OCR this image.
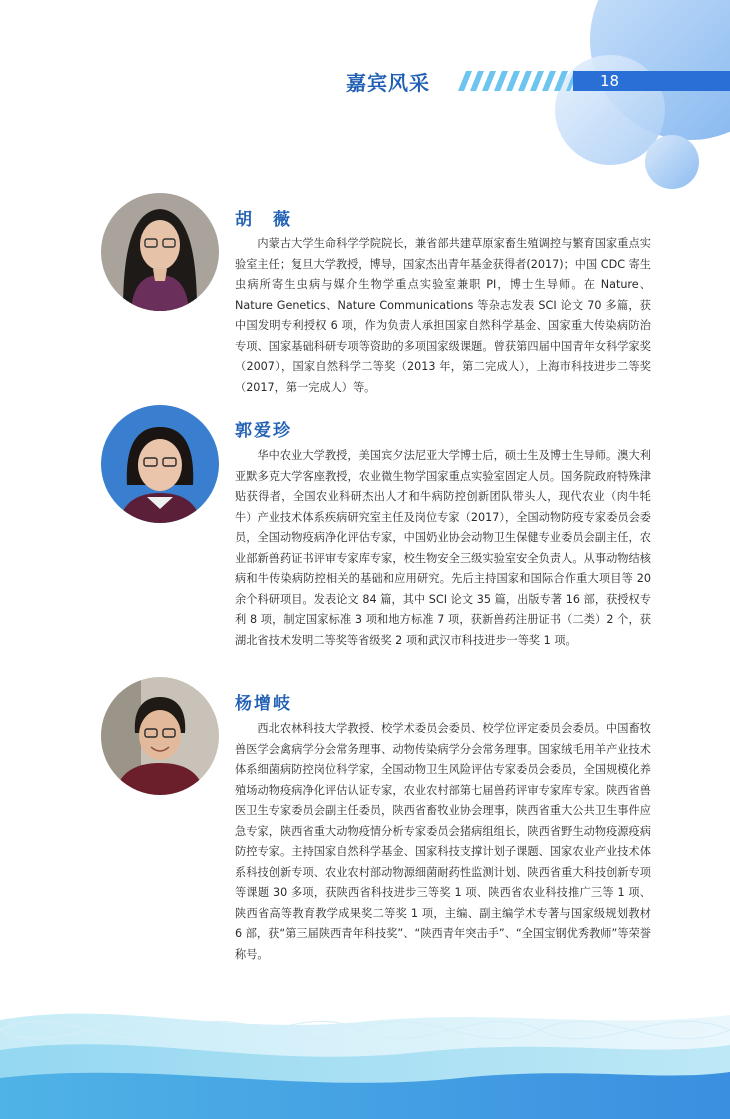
嘉宾风采	18
胡　薇

内蒙古大学生命科学学院院长，兼省部共建草原家畜生殖调控与繁育国家重点实验室主任；复旦大学教授，博导，国家杰出青年基金获得者(2017)；中国 CDC 寄生虫病所寄生虫病与媒介生物学重点实验室兼职 PI，博士生导师。在 Nature、Nature Genetics、Nature Communications 等杂志发表 SCI 论文 70 多篇，获中国发明专利授权 6 项，作为负责人承担国家自然科学基金、国家重大传染病防治专项、国家基础科研专项等资助的多项国家级课题。曾获第四届中国青年女科学家奖（2007），国家自然科学二等奖（2013 年，第二完成人），上海市科技进步二等奖（2017，第一完成人）等。

郭爱珍

华中农业大学教授，美国宾夕法尼亚大学博士后，硕士生及博士生导师。澳大利亚默多克大学客座教授，农业微生物学国家重点实验室固定人员。国务院政府特殊津贴获得者，全国农业科研杰出人才和牛病防控创新团队带头人，现代农业（肉牛牦牛）产业技术体系疾病研究室主任及岗位专家（2017），全国动物防疫专家委员会委员，全国动物疫病净化评估专家，中国奶业协会动物卫生保健专业委员会副主任，农业部新兽药证书评审专家库专家，校生物安全三级实验室安全负责人。从事动物结核病和牛传染病防控相关的基础和应用研究。先后主持国家和国际合作重大项目等 20 余个科研项目。发表论文 84 篇，其中 SCI 论文 35 篇，出版专著 16 部，获授权专利 8 项，制定国家标准 3 项和地方标准 7 项，获新兽药注册证书（二类）2 个，获湖北省技术发明二等奖等省级奖 2 项和武汉市科技进步一等奖 1 项。

杨增岐

西北农林科技大学教授、校学术委员会委员、校学位评定委员会委员。中国畜牧兽医学会禽病学分会常务理事、动物传染病学分会常务理事。国家绒毛用羊产业技术体系细菌病防控岗位科学家，全国动物卫生风险评估专家委员会委员，全国规模化养殖场动物疫病净化评估认证专家，农业农村部第七届兽药评审专家库专家。陕西省兽医卫生专家委员会副主任委员，陕西省畜牧业协会理事，陕西省重大公共卫生事件应急专家，陕西省重大动物疫情分析专家委员会猪病组组长，陕西省野生动物疫源疫病防控专家。主持国家自然科学基金、国家科技支撑计划子课题、国家农业产业技术体系科技创新专项、农业农村部动物源细菌耐药性监测计划、陕西省重大科技创新专项等课题 30 多项，获陕西省科技进步三等奖 1 项、陕西省农业科技推广三等 1 项、陕西省高等教育教学成果奖二等奖 1 项，主编、副主编学术专著与国家级规划教材 6 部，获“第三届陕西青年科技奖”、“陕西青年突击手”、“全国宝钢优秀教师”等荣誉称号。
